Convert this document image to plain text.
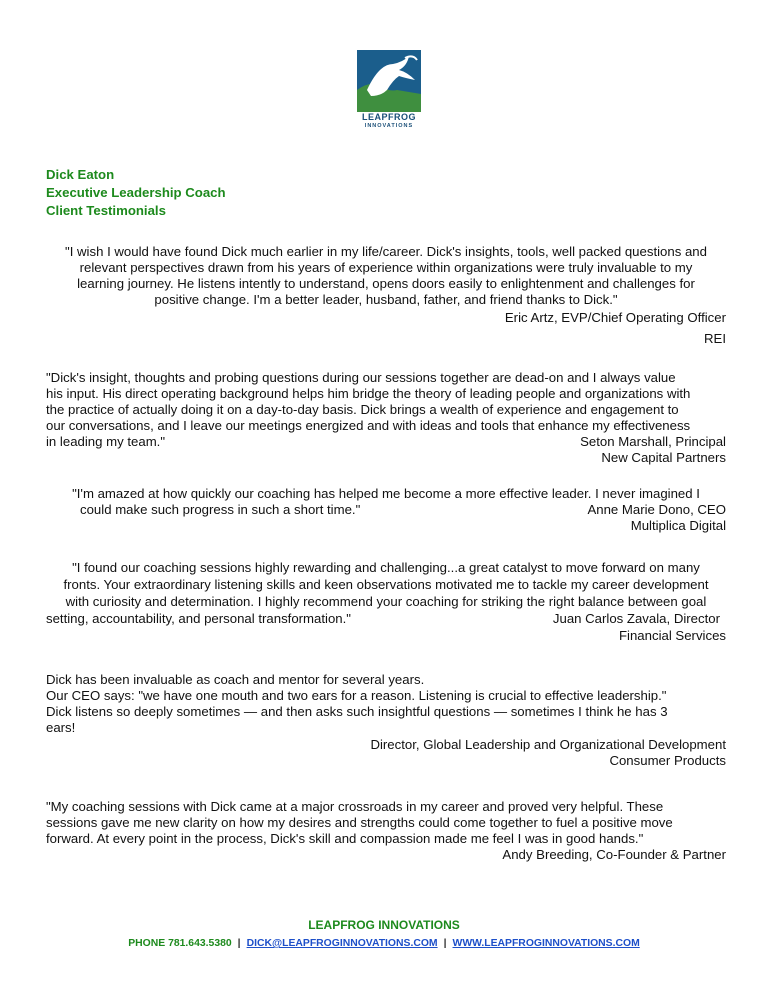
LEAPFROG
INNOVATIONS
Dick Eaton
Executive Leadership Coach
Client Testimonials
"I wish I would have found Dick much earlier in my life/career. Dick's insights, tools, well packed questions and
relevant perspectives drawn from his years of experience within organizations were truly invaluable to my
learning journey. He listens intently to understand, opens doors easily to enlightenment and challenges for
positive change. I'm a better leader, husband, father, and friend thanks to Dick."
Eric Artz, EVP/Chief Operating Officer
REI
"Dick's insight, thoughts and probing questions during our sessions together are dead-on and I always value
his input. His direct operating background helps him bridge the theory of leading people and organizations with
the practice of actually doing it on a day-to-day basis. Dick brings a wealth of experience and engagement to
our conversations, and I leave our meetings energized and with ideas and tools that enhance my effectiveness
in leading my team."	Seton Marshall, Principal
New Capital Partners
"I'm amazed at how quickly our coaching has helped me become a more effective leader. I never imagined I
could make such progress in such a short time."	Anne Marie Dono, CEO
Multiplica Digital
"I found our coaching sessions highly rewarding and challenging...a great catalyst to move forward on many
fronts. Your extraordinary listening skills and keen observations motivated me to tackle my career development
with curiosity and determination. I highly recommend your coaching for striking the right balance between goal
setting, accountability, and personal transformation."	Juan Carlos Zavala, Director
Financial Services
Dick has been invaluable as coach and mentor for several years.
Our CEO says: "we have one mouth and two ears for a reason. Listening is crucial to effective leadership."
Dick listens so deeply sometimes — and then asks such insightful questions — sometimes I think he has 3
ears!
Director, Global Leadership and Organizational Development
Consumer Products
"My coaching sessions with Dick came at a major crossroads in my career and proved very helpful. These
sessions gave me new clarity on how my desires and strengths could come together to fuel a positive move
forward. At every point in the process, Dick's skill and compassion made me feel I was in good hands."
Andy Breeding, Co-Founder & Partner
LEAPFROG INNOVATIONS
PHONE 781.643.5380 | DICK@LEAPFROGINNOVATIONS.COM | WWW.LEAPFROGINNOVATIONS.COM
